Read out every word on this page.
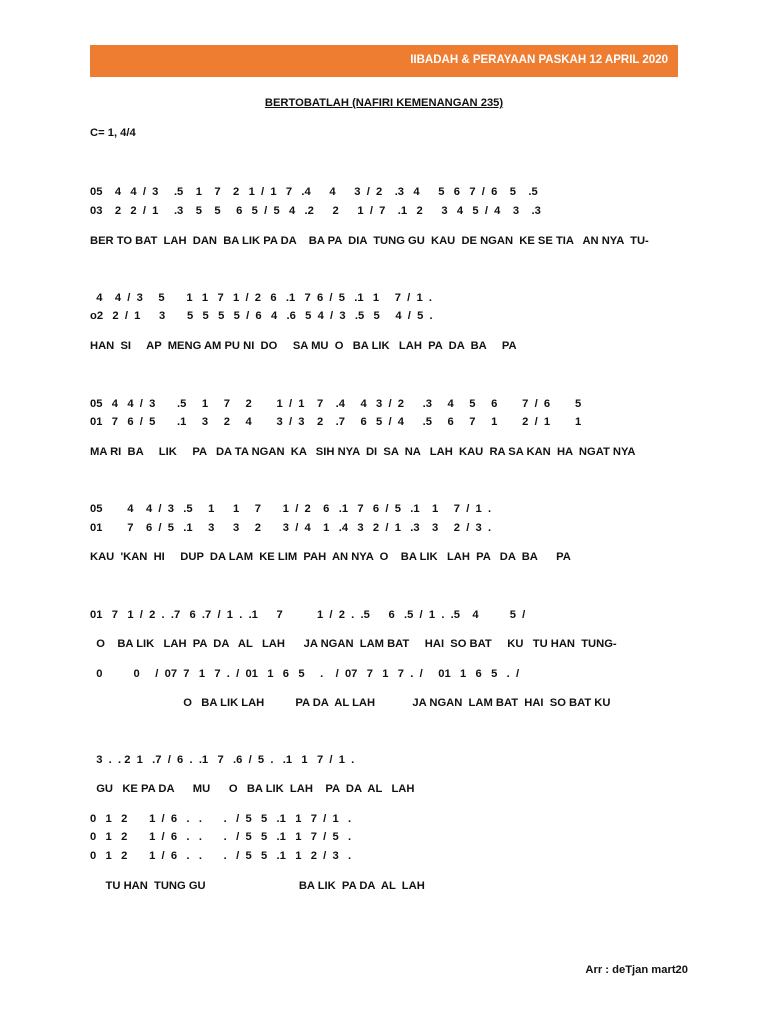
IIBADAH & PERAYAAN PASKAH 12 APRIL 2020

BERTOBATLAH (NAFIRI KEMENANGAN 235)

C= 1, 4/4

05    4   4  /  3     .5    1    7    2   1  /  1   7   .4      4      3  /  2    .3   4      5   6   7  /  6    5    .5

03    2   2  /  1     .3    5    5     6   5  /  5   4   .2      2      1  /  7    .1   2      3   4   5  /  4    3    .3

BER TO BAT  LAH  DAN  BA LIK PA DA    BA PA  DIA  TUNG GU  KAU  DE NGAN  KE SE TIA   AN NYA  TU-

4    4  /  3     5       1   1   7   1  /  2   6   .1   7  6  /  5   .1   1     7  /  1  .

o2   2  /  1      3       5   5   5   5  /  6   4   .6   5  4  /  3   .5   5     4  /  5  .

HAN  SI     AP  MENG AM PU NI  DO     SA MU  O   BA LIK   LAH  PA  DA  BA     PA

05   4   4  /  3       .5     1     7     2        1  /  1    7    .4     4   3  /  2      .3     4     5     6        7  /  6        5

01   7   6  /  5       .1     3     2     4        3  /  3    2    .7     6   5  /  4      .5     6     7     1        2  /  1        1

MA RI  BA     LIK     PA   DA TA NGAN  KA   SIH NYA  DI  SA  NA   LAH  KAU  RA SA KAN  HA  NGAT NYA

05        4    4  /  3   .5     1      1     7       1  /  2    6   .1   7   6  /  5   .1    1     7  /  1  .

01        7    6  /  5   .1     3      3     2       3  /  4    1   .4   3   2  /  1   .3    3     2  /  3  .

KAU  'KAN  HI     DUP  DA LAM  KE LIM  PAH  AN NYA  O    BA LIK   LAH  PA   DA  BA      PA

01   7   1  /  2  .  .7   6  .7  /  1  .  .1      7           1  /  2  .  .5      6   .5  /  1  .  .5    4          5  /

O    BA LIK   LAH  PA  DA   AL   LAH      JA NGAN  LAM BAT     HAI  SO BAT     KU   TU HAN  TUNG-

0          0     /  07  7   1   7  .  /  01   1   6   5     .    /  07   7   1   7  .  /     01   1   6   5   .  /

O   BA LIK LAH          PA DA  AL LAH            JA NGAN  LAM BAT  HAI  SO BAT KU

3  .  . 2  1   .7  /  6  .  .1   7   .6  /  5  .   .1   1   7  /  1  .

GU   KE PA DA      MU      O   BA LIK  LAH    PA  DA  AL   LAH

0   1   2       1  /  6   .   .       .   /  5   5   .1   1   7  /  1   .

0   1   2       1  /  6   .   .       .   /  5   5   .1   1   7  /  5   .

0   1   2       1  /  6   .   .       .   /  5   5   .1   1   2  /  3   .

TU HAN  TUNG GU                              BA LIK  PA DA  AL  LAH

Arr : deTjan mart20
